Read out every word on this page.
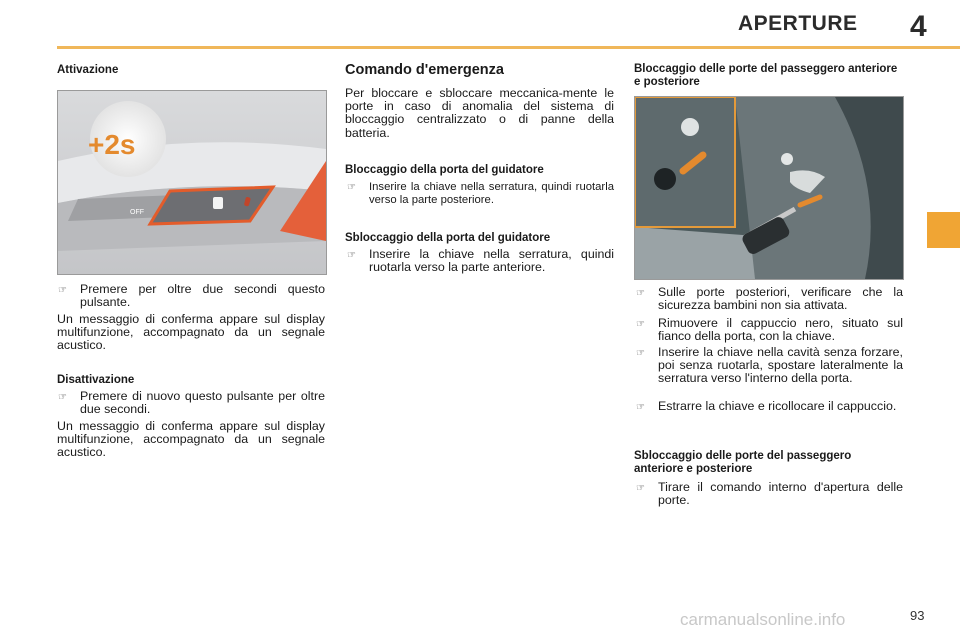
APERTURE 4
Attivazione
OFF
+2s
☞ Premere per oltre due secondi questo pulsante.
Un messaggio di conferma appare sul display multifunzione, accompagnato da un segnale acustico.
Disattivazione
☞ Premere di nuovo questo pulsante per oltre due secondi.
Un messaggio di conferma appare sul display multifunzione, accompagnato da un segnale acustico.
Comando d'emergenza
Per bloccare e sbloccare meccanica-mente le porte in caso di anomalia del sistema di bloccaggio centralizzato o di panne della batteria.
Bloccaggio della porta del guidatore
☞ Inserire la chiave nella serratura, quindi ruotarla verso la parte posteriore.
Sbloccaggio della porta del guidatore
☞ Inserire la chiave nella serratura, quindi ruotarla verso la parte anteriore.
Bloccaggio delle porte del passeggero anteriore e posteriore
☞ Sulle porte posteriori, verificare che la sicurezza bambini non sia attivata.
☞ Rimuovere il cappuccio nero, situato sul fianco della porta, con la chiave.
☞ Inserire la chiave nella cavità senza forzare, poi senza ruotarla, spostare lateralmente la serratura verso l'interno della porta.
☞ Estrarre la chiave e ricollocare il cappuccio.
Sbloccaggio delle porte del passeggero anteriore e posteriore
☞ Tirare il comando interno d'apertura delle porte.
93
carmanualsonline.info
